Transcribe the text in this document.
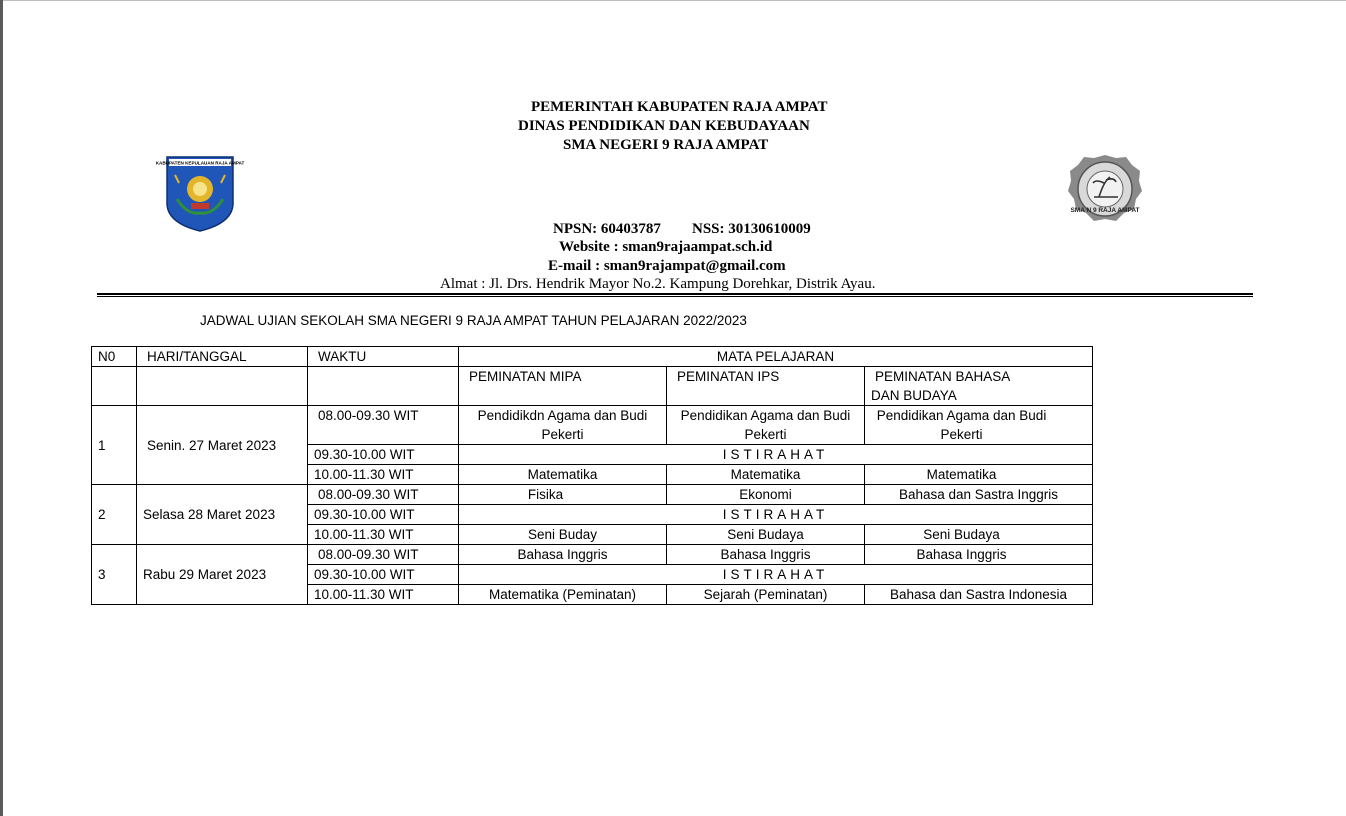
PEMERINTAH KABUPATEN RAJA AMPAT
DINAS PENDIDIKAN DAN KEBUDAYAAN
SMA NEGERI 9 RAJA AMPAT
NPSN: 60403787 NSS: 30130610009
Website : sman9rajaampat.sch.id
E-mail : sman9rajampat@gmail.com
Almat : Jl. Drs. Hendrik Mayor No.2. Kampung Dorehkar, Distrik Ayau.
KABUPATEN KEPULAUAN RAJA AMPAT
SMA N 9 RAJA AMPAT
JADWAL UJIAN SEKOLAH SMA NEGERI 9 RAJA AMPAT TAHUN PELAJARAN 2022/2023
N0	HARI/TANGGAL	WAKTU	MATA PELAJARAN		
			PEMINATAN MIPA	PEMINATAN IPS	PEMINATAN BAHASA
DAN BUDAYA

1	Senin. 27 Maret 2023	08.00-09.30 WIT	Pendidikdn Agama dan Budi Pekerti	Pendidikan Agama dan Budi Pekerti	Pendidikan Agama dan Budi Pekerti
		09.30-10.00 WIT	ISTIRAHAT		
		10.00-11.30 WIT	Matematika	Matematika	Matematika
2	Selasa 28 Maret 2023	08.00-09.30 WIT	Fisika	Ekonomi	Bahasa dan Sastra Inggris
		09.30-10.00 WIT	ISTIRAHAT		
		10.00-11.30 WIT	Seni Buday	Seni Budaya	Seni Budaya
3	Rabu 29 Maret 2023	08.00-09.30 WIT	Bahasa Inggris	Bahasa Inggris	Bahasa Inggris
		09.30-10.00 WIT	ISTIRAHAT		
		10.00-11.30 WIT	Matematika (Peminatan)	Sejarah (Peminatan)	Bahasa dan Sastra Indonesia
